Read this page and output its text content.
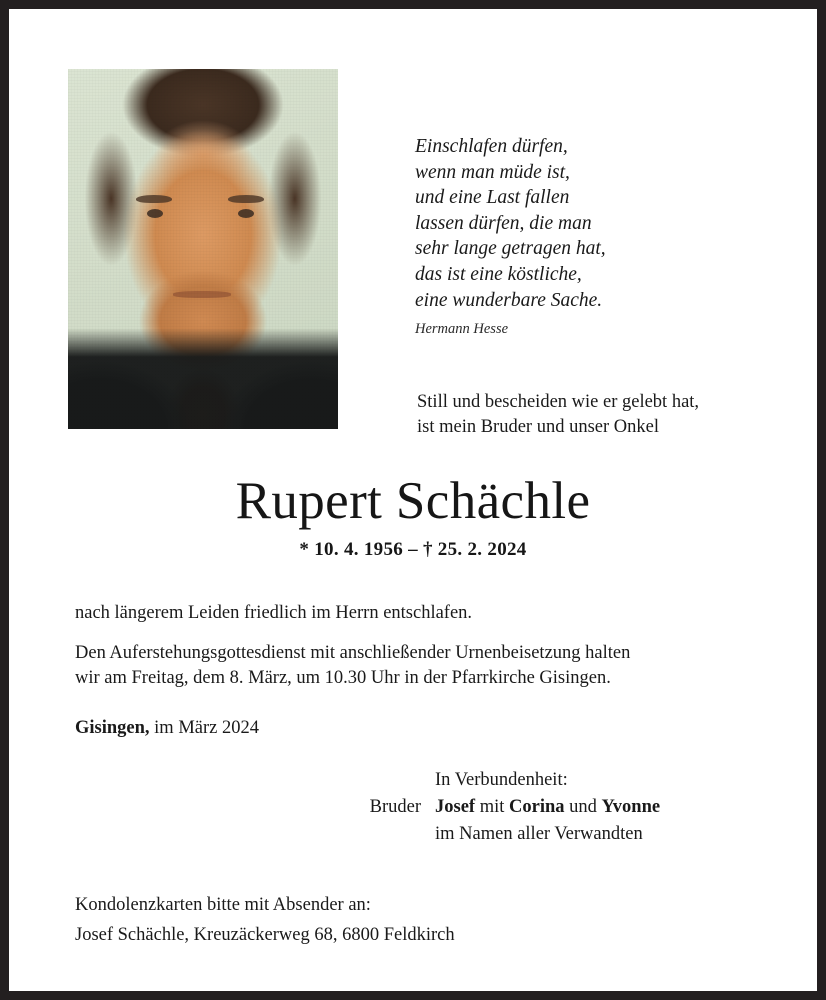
Einschlafen dürfen,
wenn man müde ist,
und eine Last fallen
lassen dürfen, die man
sehr lange getragen hat,
das ist eine köstliche,
eine wunderbare Sache.
Hermann Hesse
Still und bescheiden wie er gelebt hat,
ist mein Bruder und unser Onkel
Rupert Schächle
* 10. 4. 1956 – † 25. 2. 2024

nach längerem Leiden friedlich im Herrn entschlafen.

Den Auferstehungsgottesdienst mit anschließender Urnenbeisetzung halten

wir am Freitag, dem 8. März, um 10.30 Uhr in der Pfarrkirche Gisingen.

Gisingen, im März 2024
In Verbundenheit:
Bruder Josef mit Corina und Yvonne
im Namen aller Verwandten
Kondolenzkarten bitte mit Absender an:
Josef Schächle, Kreuzäckerweg 68, 6800 Feldkirch
